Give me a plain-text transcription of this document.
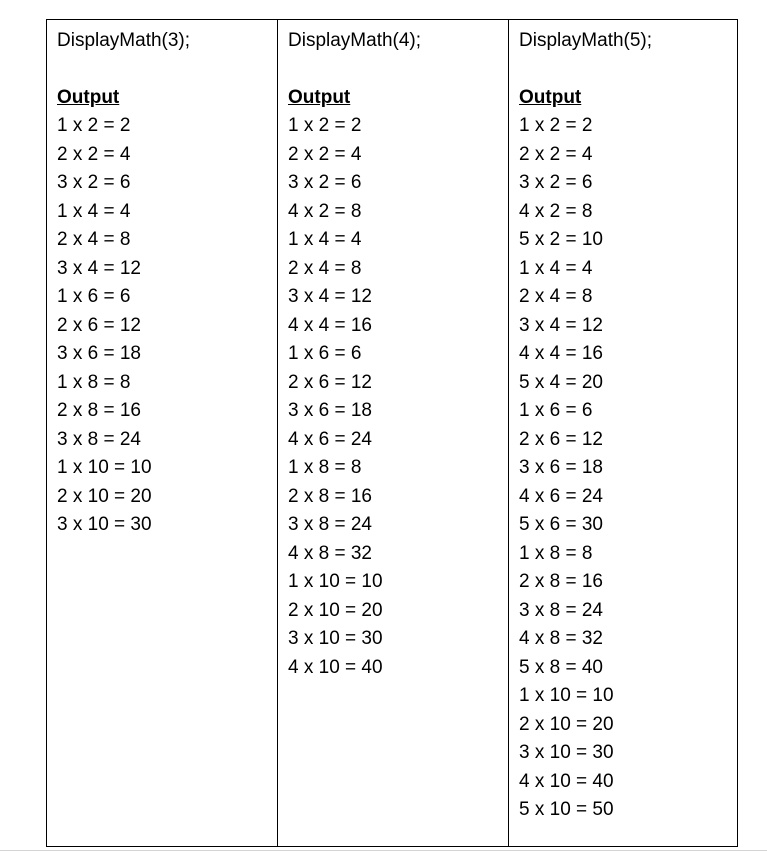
DisplayMath(3);
Output
1 x 2 = 2
2 x 2 = 4
3 x 2 = 6
1 x 4 = 4
2 x 4 = 8
3 x 4 = 12
1 x 6 = 6
2 x 6 = 12
3 x 6 = 18
1 x 8 = 8
2 x 8 = 16
3 x 8 = 24
1 x 10 = 10
2 x 10 = 20
3 x 10 = 30
DisplayMath(4);
Output
1 x 2 = 2
2 x 2 = 4
3 x 2 = 6
4 x 2 = 8
1 x 4 = 4
2 x 4 = 8
3 x 4 = 12
4 x 4 = 16
1 x 6 = 6
2 x 6 = 12
3 x 6 = 18
4 x 6 = 24
1 x 8 = 8
2 x 8 = 16
3 x 8 = 24
4 x 8 = 32
1 x 10 = 10
2 x 10 = 20
3 x 10 = 30
4 x 10 = 40
DisplayMath(5);
Output
1 x 2 = 2
2 x 2 = 4
3 x 2 = 6
4 x 2 = 8
5 x 2 = 10
1 x 4 = 4
2 x 4 = 8
3 x 4 = 12
4 x 4 = 16
5 x 4 = 20
1 x 6 = 6
2 x 6 = 12
3 x 6 = 18
4 x 6 = 24
5 x 6 = 30
1 x 8 = 8
2 x 8 = 16
3 x 8 = 24
4 x 8 = 32
5 x 8 = 40
1 x 10 = 10
2 x 10 = 20
3 x 10 = 30
4 x 10 = 40
5 x 10 = 50
